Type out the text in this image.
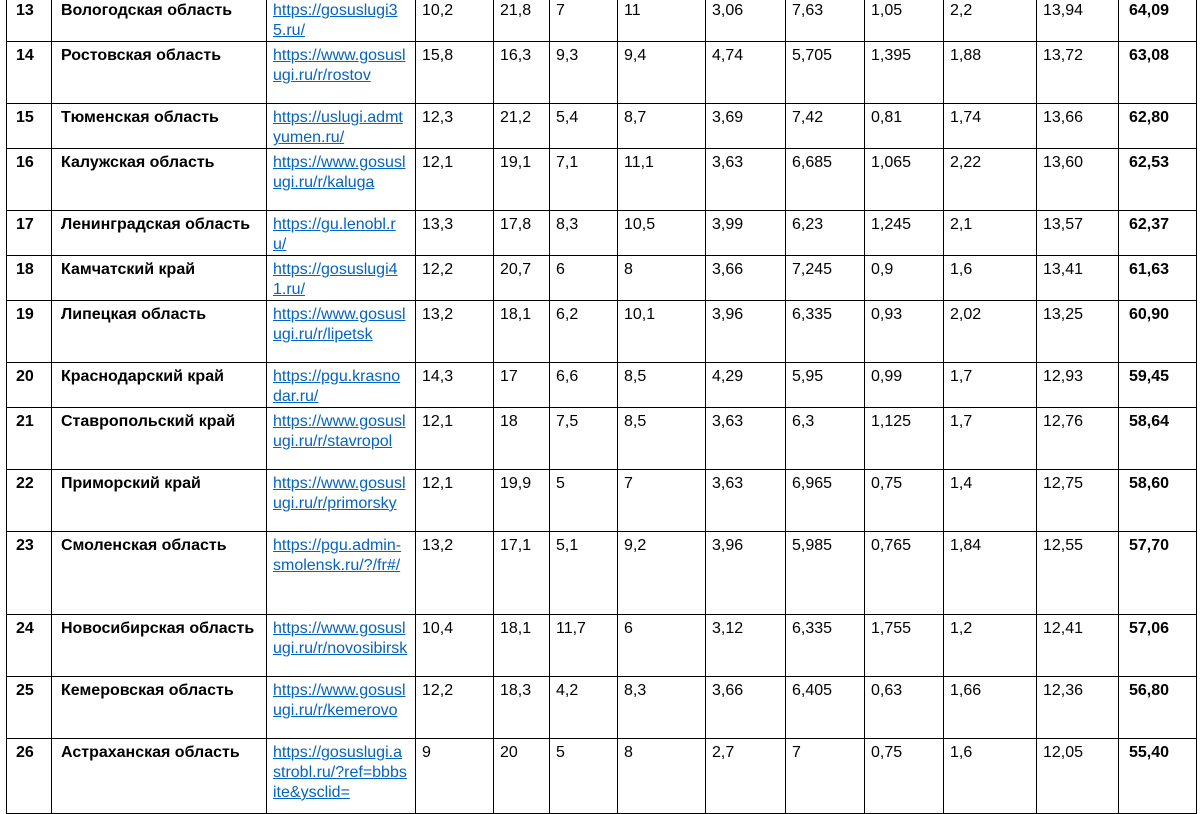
13	Вологодская область	https://gosuslugi35.ru/	10,2	21,8	7	11	3,06	7,63	1,05	2,2	13,94	64,09
14	Ростовская область	https://www.gosuslugi.ru/r/rostov	15,8	16,3	9,3	9,4	4,74	5,705	1,395	1,88	13,72	63,08
15	Тюменская область	https://uslugi.admtyumen.ru/	12,3	21,2	5,4	8,7	3,69	7,42	0,81	1,74	13,66	62,80
16	Калужская область	https://www.gosuslugi.ru/r/kaluga	12,1	19,1	7,1	11,1	3,63	6,685	1,065	2,22	13,60	62,53
17	Ленинградская область	https://gu.lenobl.ru/	13,3	17,8	8,3	10,5	3,99	6,23	1,245	2,1	13,57	62,37
18	Камчатский край	https://gosuslugi41.ru/	12,2	20,7	6	8	3,66	7,245	0,9	1,6	13,41	61,63
19	Липецкая область	https://www.gosuslugi.ru/r/lipetsk	13,2	18,1	6,2	10,1	3,96	6,335	0,93	2,02	13,25	60,90
20	Краснодарский край	https://pgu.krasnodar.ru/	14,3	17	6,6	8,5	4,29	5,95	0,99	1,7	12,93	59,45
21	Ставропольский край	https://www.gosuslugi.ru/r/stavropol	12,1	18	7,5	8,5	3,63	6,3	1,125	1,7	12,76	58,64
22	Приморский край	https://www.gosuslugi.ru/r/primorsky	12,1	19,9	5	7	3,63	6,965	0,75	1,4	12,75	58,60
23	Смоленская область	https://pgu.admin-smolensk.ru/?/fr#/	13,2	17,1	5,1	9,2	3,96	5,985	0,765	1,84	12,55	57,70
24	Новосибирская область	https://www.gosuslugi.ru/r/novosibirsk	10,4	18,1	11,7	6	3,12	6,335	1,755	1,2	12,41	57,06
25	Кемеровская область	https://www.gosuslugi.ru/r/kemerovo	12,2	18,3	4,2	8,3	3,66	6,405	0,63	1,66	12,36	56,80
26	Астраханская область	https://gosuslugi.astrobl.ru/?ref=bbbsite&ysclid=	9	20	5	8	2,7	7	0,75	1,6	12,05	55,40
